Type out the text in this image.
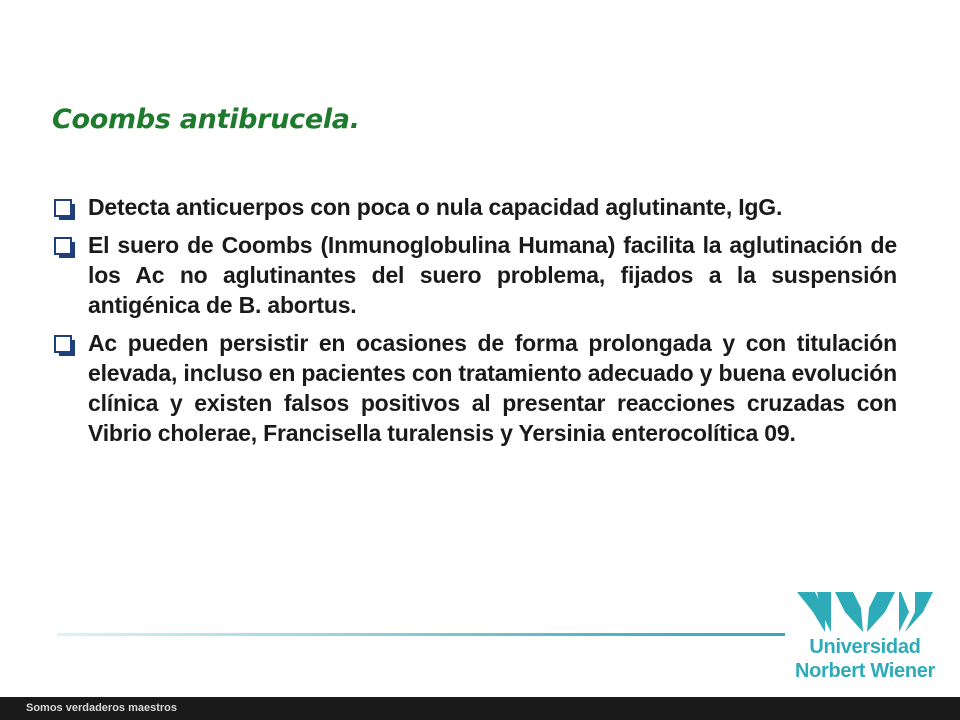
Coombs antibrucela.
Detecta anticuerpos con poca o nula capacidad aglutinante, IgG.
El suero de Coombs (Inmunoglobulina Humana) facilita la aglutinación de los Ac no aglutinantes del suero problema, fijados a la suspensión antigénica de B. abortus.
Ac pueden persistir en ocasiones de forma prolongada y con titulación elevada, incluso en pacientes con tratamiento adecuado y buena evolución clínica y existen falsos positivos al presentar reacciones cruzadas con Vibrio cholerae, Francisella turalensis y Yersinia enterocolítica 09.
Universidad
Norbert Wiener
Somos verdaderos maestros
